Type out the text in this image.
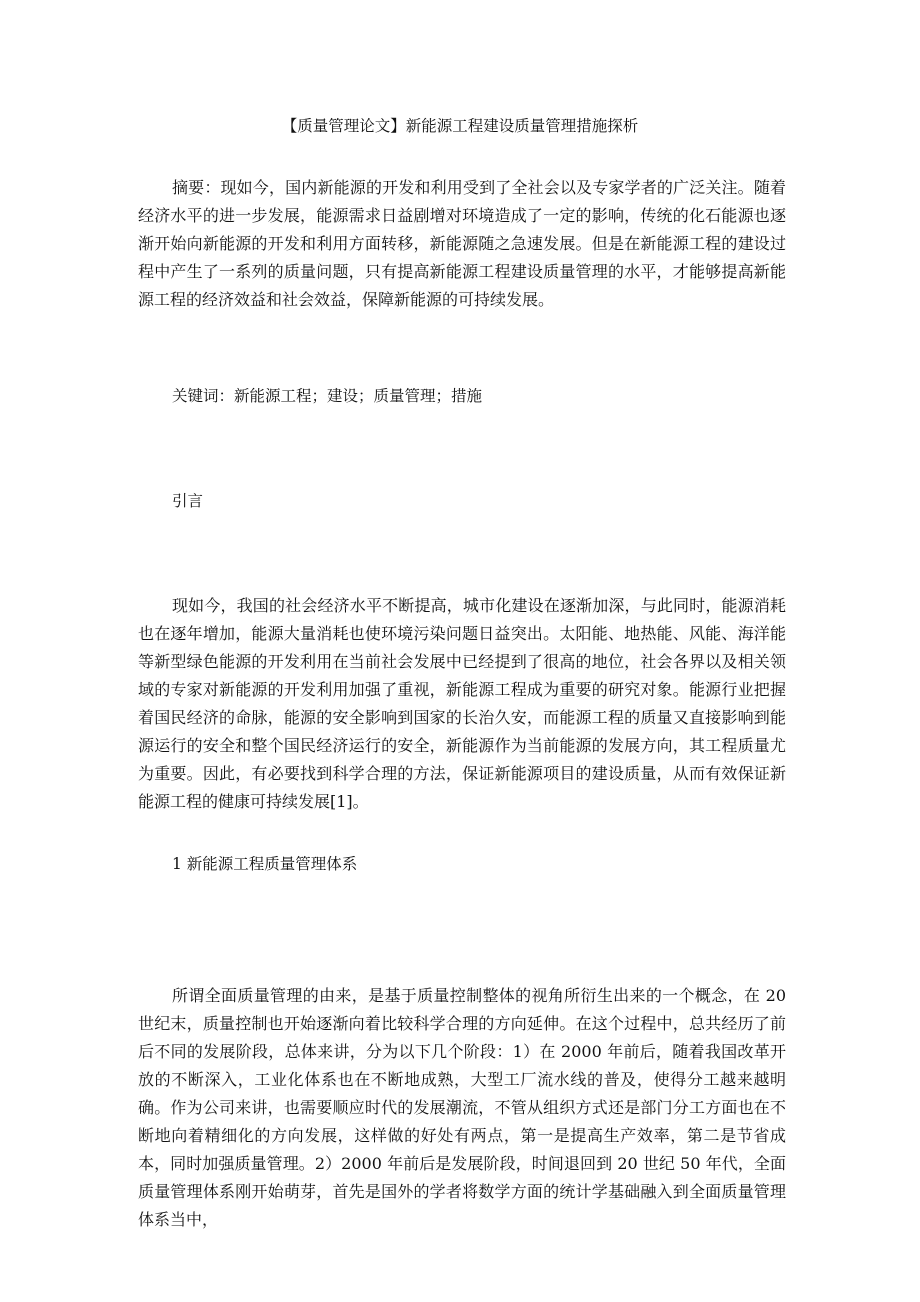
【质量管理论文】新能源工程建设质量管理措施探析

摘要：现如今，国内新能源的开发和利用受到了全社会以及专家学者的广泛关注。随着经济水平的进一步发展，能源需求日益剧增对环境造成了一定的影响，传统的化石能源也逐渐开始向新能源的开发和利用方面转移，新能源随之急速发展。但是在新能源工程的建设过程中产生了一系列的质量问题，只有提高新能源工程建设质量管理的水平，才能够提高新能源工程的经济效益和社会效益，保障新能源的可持续发展。

关键词：新能源工程；建设；质量管理；措施

引言

现如今，我国的社会经济水平不断提高，城市化建设在逐渐加深，与此同时，能源消耗也在逐年增加，能源大量消耗也使环境污染问题日益突出。太阳能、地热能、风能、海洋能等新型绿色能源的开发利用在当前社会发展中已经提到了很高的地位，社会各界以及相关领域的专家对新能源的开发利用加强了重视，新能源工程成为重要的研究对象。能源行业把握着国民经济的命脉，能源的安全影响到国家的长治久安，而能源工程的质量又直接影响到能源运行的安全和整个国民经济运行的安全，新能源作为当前能源的发展方向，其工程质量尤为重要。因此，有必要找到科学合理的方法，保证新能源项目的建设质量，从而有效保证新能源工程的健康可持续发展[1]。

1 新能源工程质量管理体系

所谓全面质量管理的由来，是基于质量控制整体的视角所衍生出来的一个概念，在 20 世纪末，质量控制也开始逐渐向着比较科学合理的方向延伸。在这个过程中，总共经历了前后不同的发展阶段，总体来讲，分为以下几个阶段：1）在 2000 年前后，随着我国改革开放的不断深入，工业化体系也在不断地成熟，大型工厂流水线的普及，使得分工越来越明确。作为公司来讲，也需要顺应时代的发展潮流，不管从组织方式还是部门分工方面也在不断地向着精细化的方向发展，这样做的好处有两点，第一是提高生产效率，第二是节省成本，同时加强质量管理。2）2000 年前后是发展阶段，时间退回到 20 世纪 50 年代，全面质量管理体系刚开始萌芽，首先是国外的学者将数学方面的统计学基础融入到全面质量管理体系当中，
